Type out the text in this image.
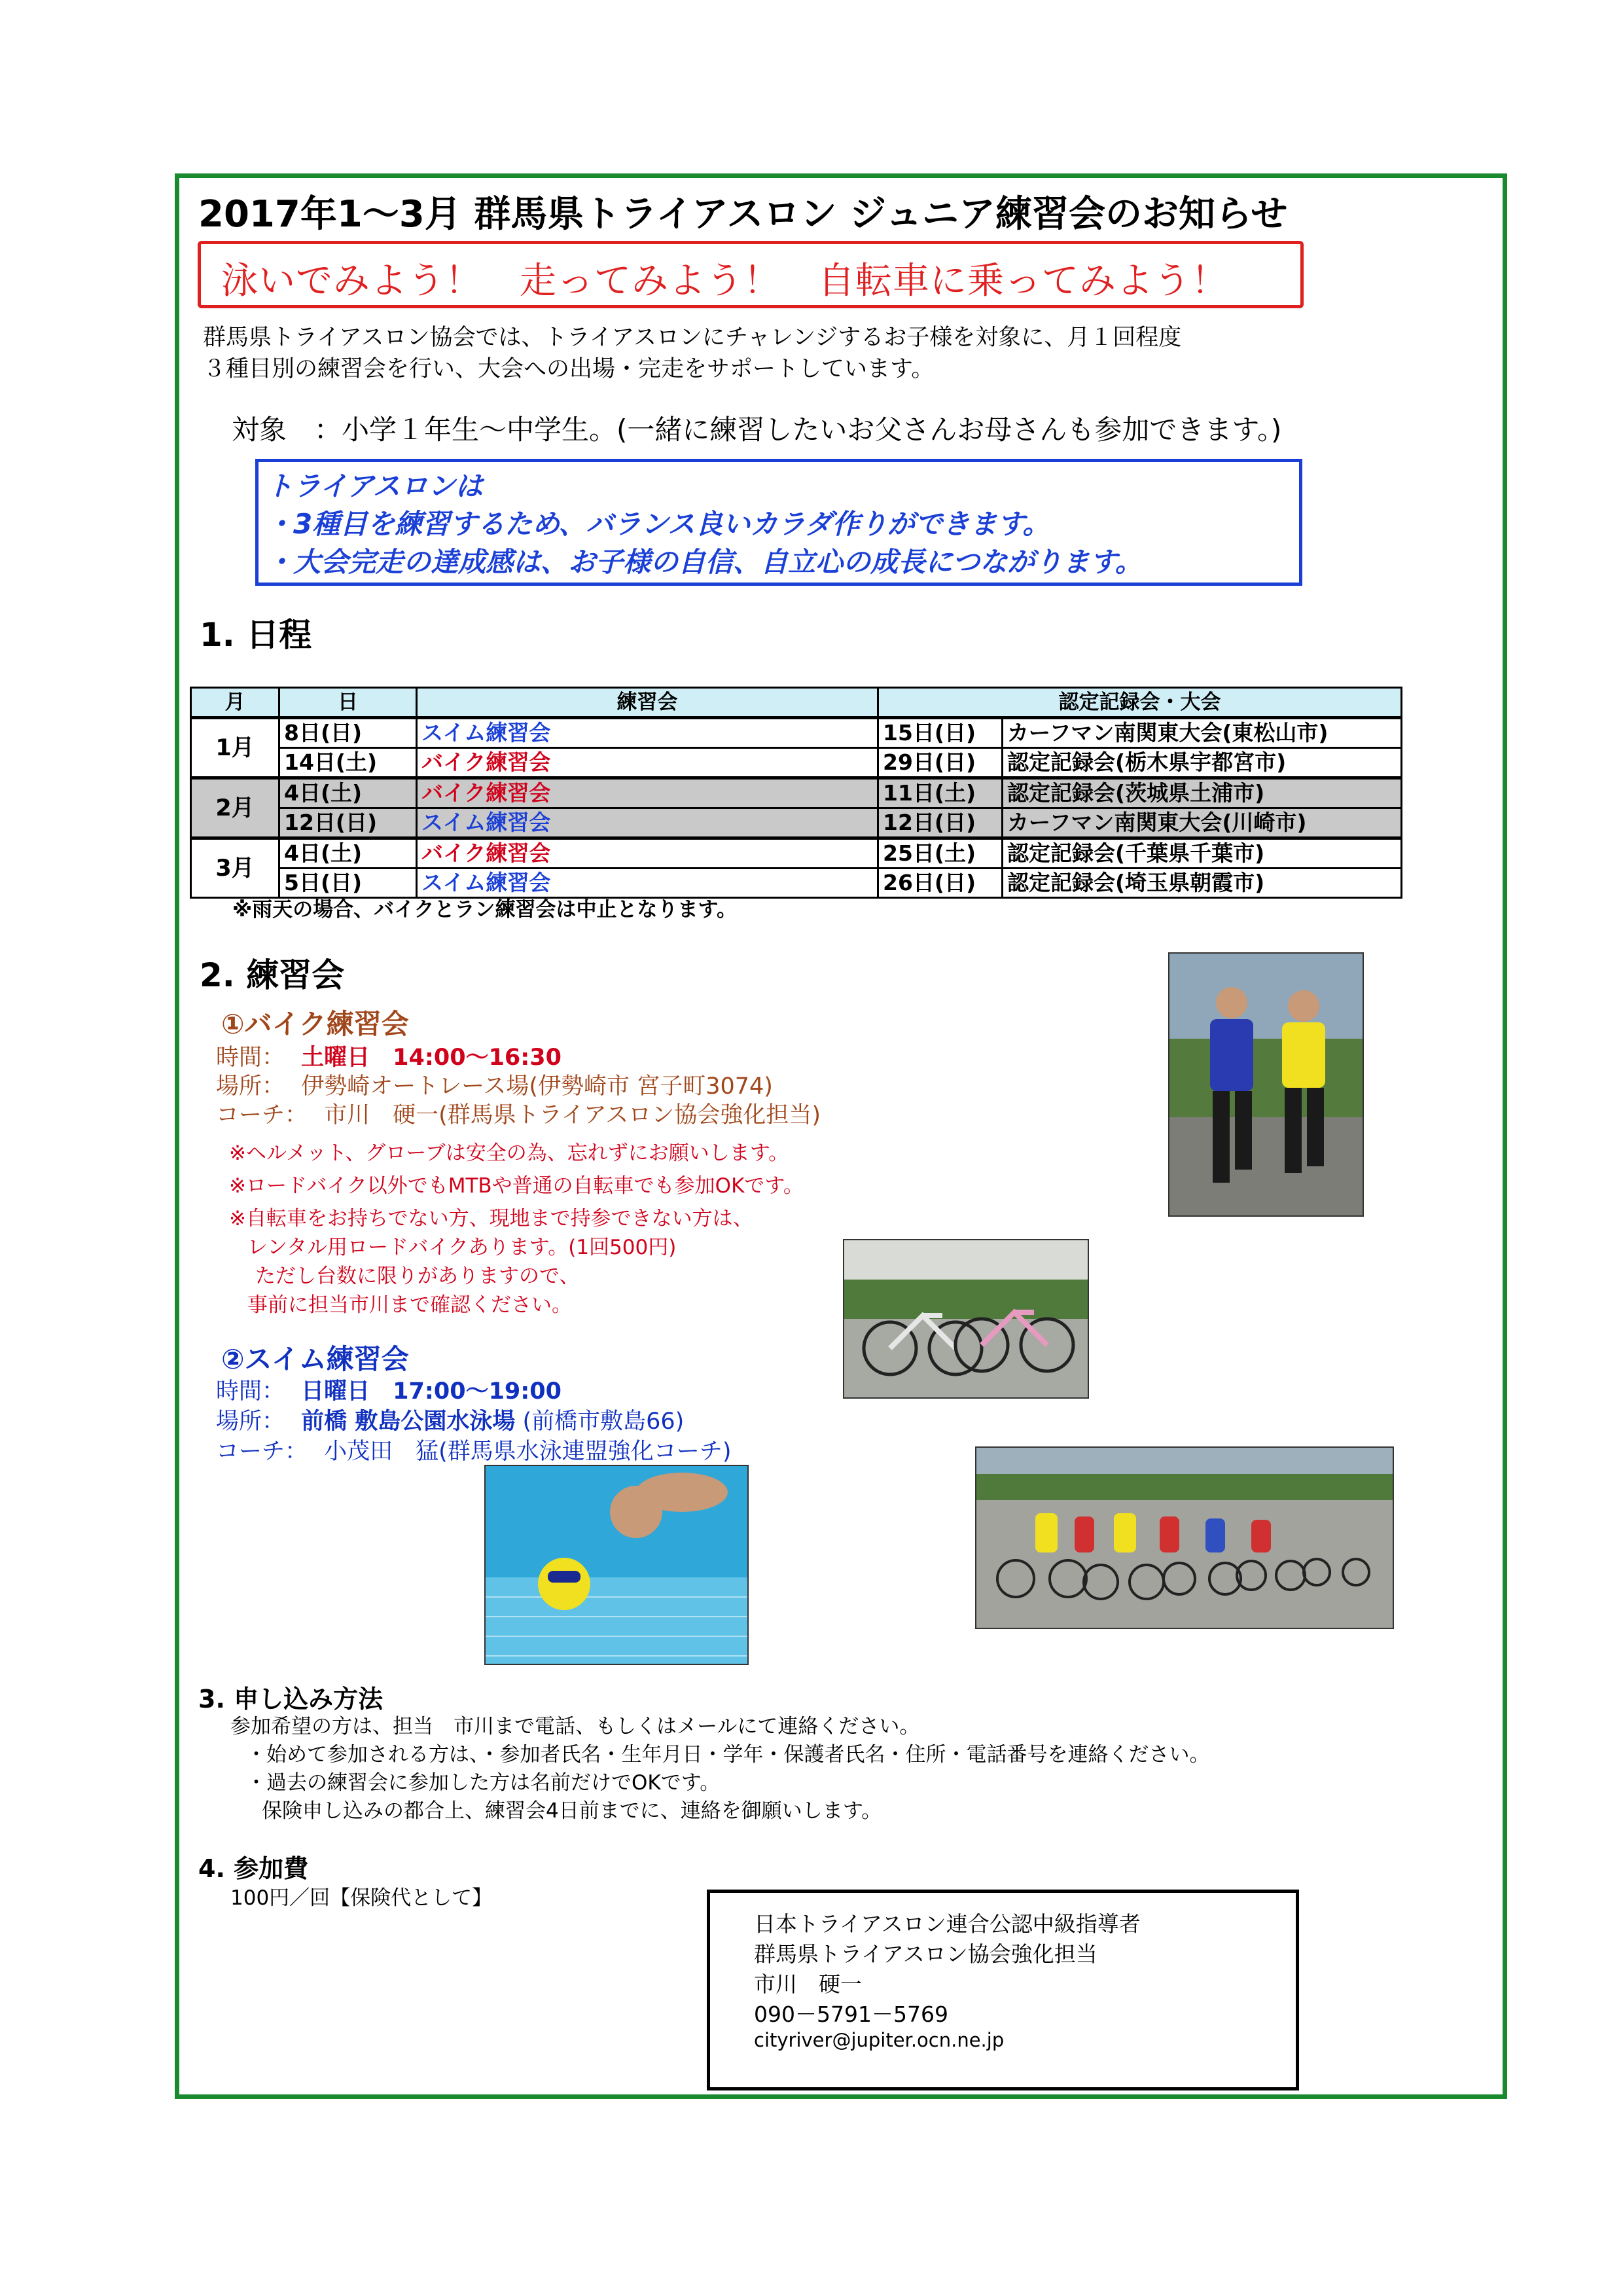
2017年1～3月 群馬県トライアスロン ジュニア練習会のお知らせ
泳いでみよう！　走ってみよう！　自転車に乗ってみよう！
群馬県トライアスロン協会では、トライアスロンにチャレンジするお子様を対象に、月１回程度
３種目別の練習会を行い、大会への出場・完走をサポートしています。
対象　：小学１年生～中学生。(一緒に練習したいお父さんお母さんも参加できます。)
トライアスロンは
・3種目を練習するため、バランス良いカラダ作りができます。
・大会完走の達成感は、お子様の自信、自立心の成長につながります。
1. 日程
月	日	練習会	認定記録会・大会	
1月	8日(日)	スイム練習会	15日(日)	カーフマン南関東大会(東松山市)
	14日(土)	バイク練習会	29日(日)	認定記録会(栃木県宇都宮市)
2月	4日(土)	バイク練習会	11日(土)	認定記録会(茨城県土浦市)
	12日(日)	スイム練習会	12日(日)	カーフマン南関東大会(川崎市)
3月	4日(土)	バイク練習会	25日(土)	認定記録会(千葉県千葉市)
	5日(日)	スイム練習会	26日(日)	認定記録会(埼玉県朝霞市)
※雨天の場合、バイクとラン練習会は中止となります。
2. 練習会
①バイク練習会
時間： 土曜日　14:00～16:30
場所： 伊勢崎オートレース場(伊勢崎市 宮子町3074)
コーチ： 市川　硬一(群馬県トライアスロン協会強化担当)
※ヘルメット、グローブは安全の為、忘れずにお願いします。
※ロードバイク以外でもMTBや普通の自転車でも参加OKです。
※自転車をお持ちでない方、現地まで持参できない方は、
レンタル用ロードバイクあります。(1回500円)
ただし台数に限りがありますので、
事前に担当市川まで確認ください。
②スイム練習会
時間： 日曜日　17:00～19:00
場所： 前橋 敷島公園水泳場 (前橋市敷島66)
コーチ： 小茂田　猛(群馬県水泳連盟強化コーチ)
3. 申し込み方法
参加希望の方は、担当　市川まで電話、もしくはメールにて連絡ください。
・始めて参加される方は、・参加者氏名・生年月日・学年・保護者氏名・住所・電話番号を連絡ください。
・過去の練習会に参加した方は名前だけでOKです。
保険申し込みの都合上、練習会4日前までに、連絡を御願いします。
4. 参加費
100円／回【保険代として】
日本トライアスロン連合公認中級指導者
群馬県トライアスロン協会強化担当
市川　硬一
090－5791－5769
cityriver@jupiter.ocn.ne.jp
